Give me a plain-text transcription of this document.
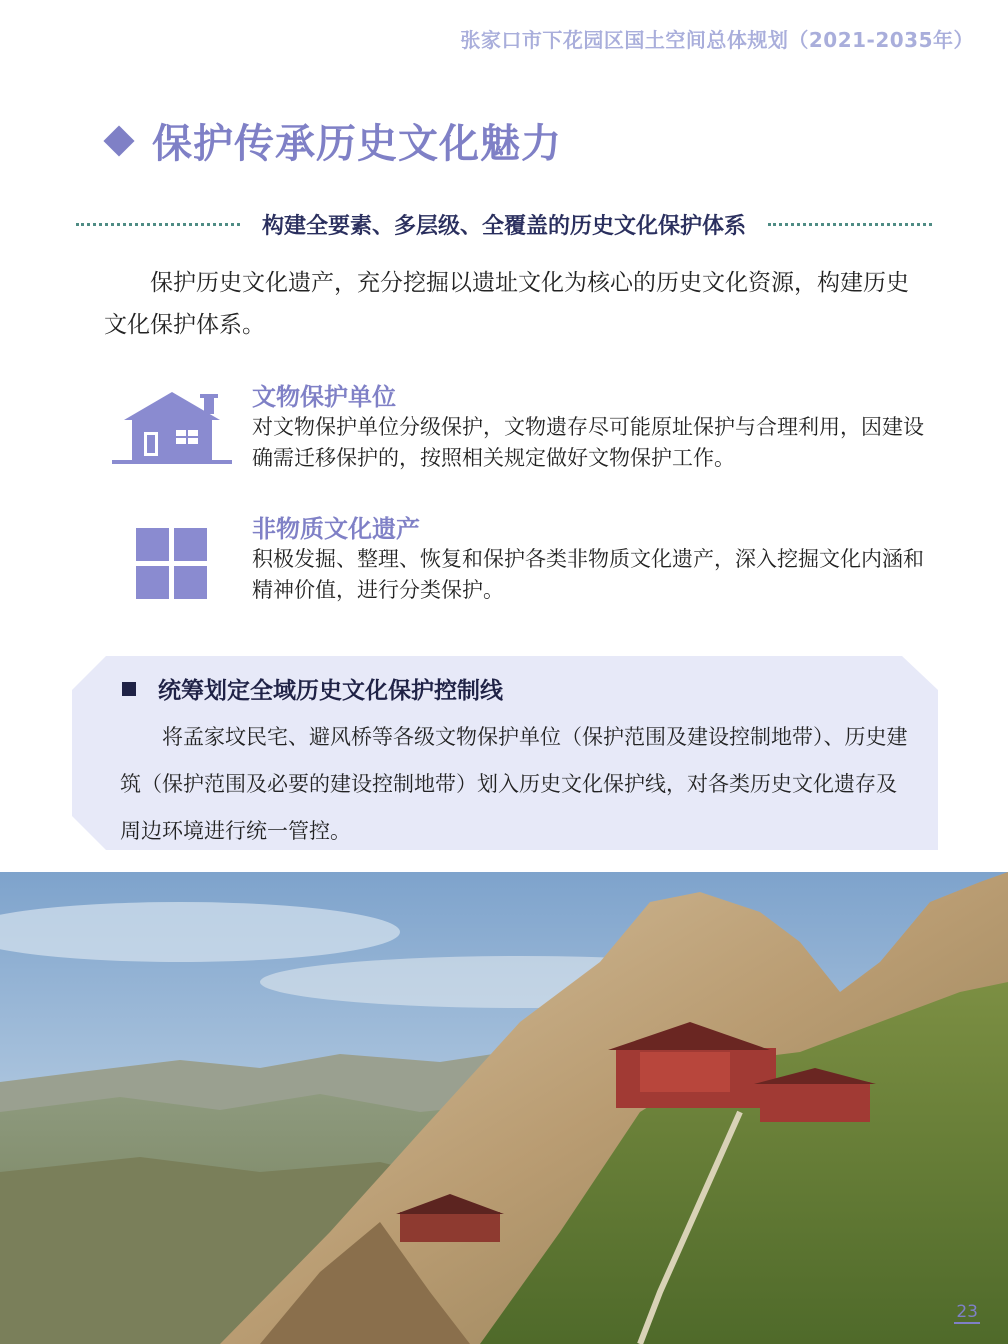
张家口市下花园区国土空间总体规划（2021-2035年）
保护传承历史文化魅力
构建全要素、多层级、全覆盖的历史文化保护体系
保护历史文化遗产，充分挖掘以遗址文化为核心的历史文化资源，构建历史文化保护体系。
文物保护单位
对文物保护单位分级保护，文物遗存尽可能原址保护与合理利用，因建设确需迁移保护的，按照相关规定做好文物保护工作。
非物质文化遗产
积极发掘、整理、恢复和保护各类非物质文化遗产，深入挖掘文化内涵和精神价值，进行分类保护。
统筹划定全域历史文化保护控制线
将孟家坟民宅、避风桥等各级文物保护单位（保护范围及建设控制地带）、历史建筑（保护范围及必要的建设控制地带）划入历史文化保护线，对各类历史文化遗存及周边环境进行统一管控。
23
